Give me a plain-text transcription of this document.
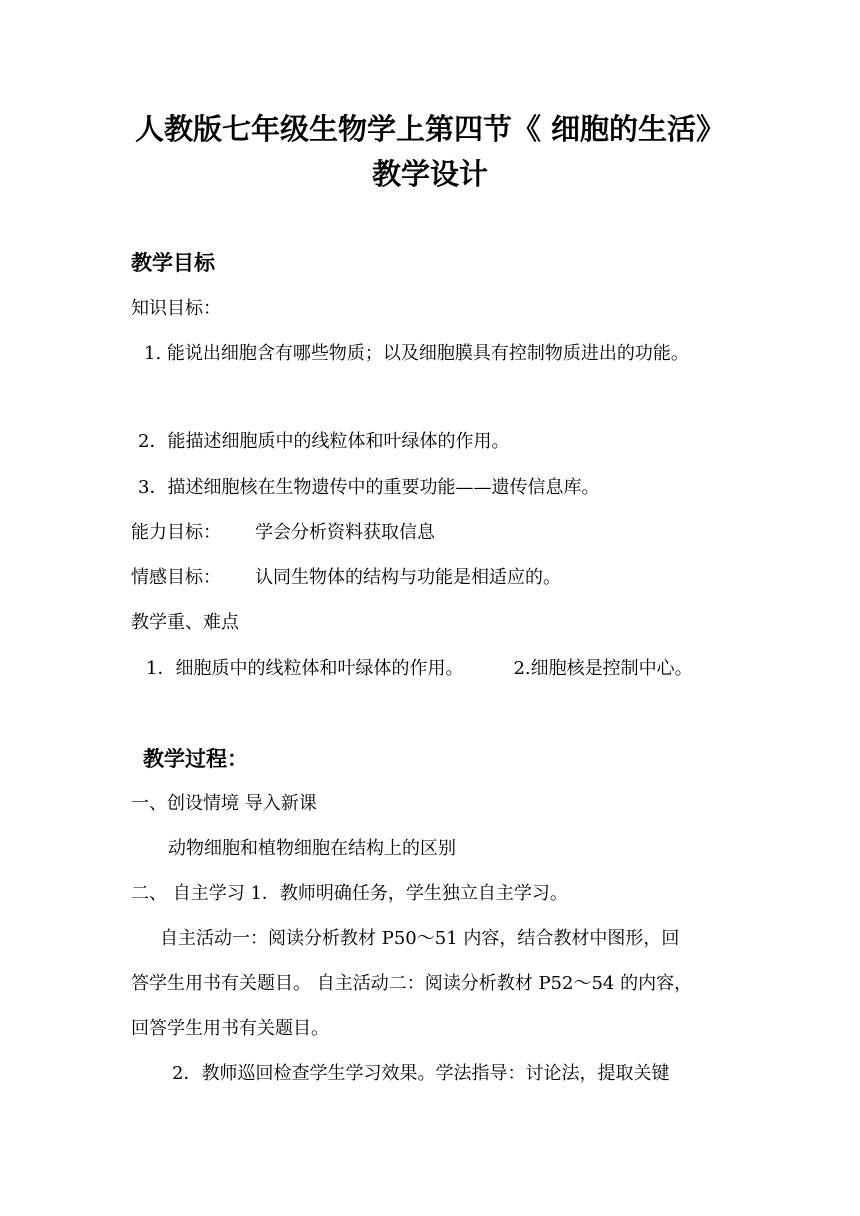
人教版七年级生物学上第四节《 细胞的生活》
教学设计
教学目标
知识目标：
1. 能说出细胞含有哪些物质；以及细胞膜具有控制物质进出的功能。
2．能描述细胞质中的线粒体和叶绿体的作用。
3．描述细胞核在生物遗传中的重要功能——遗传信息库。
能力目标： 学会分析资料获取信息
情感目标： 认同生物体的结构与功能是相适应的。
教学重、难点
1．细胞质中的线粒体和叶绿体的作用。	2.细胞核是控制中心。
教学过程：
一、创设情境 导入新课
动物细胞和植物细胞在结构上的区别
二、 自主学习 1．教师明确任务，学生独立自主学习。
自主活动一：阅读分析教材 P50～51 内容，结合教材中图形，回
答学生用书有关题目。 自主活动二：阅读分析教材 P52～54 的内容，
回答学生用书有关题目。
2．教师巡回检查学生学习效果。学法指导：讨论法，提取关键
